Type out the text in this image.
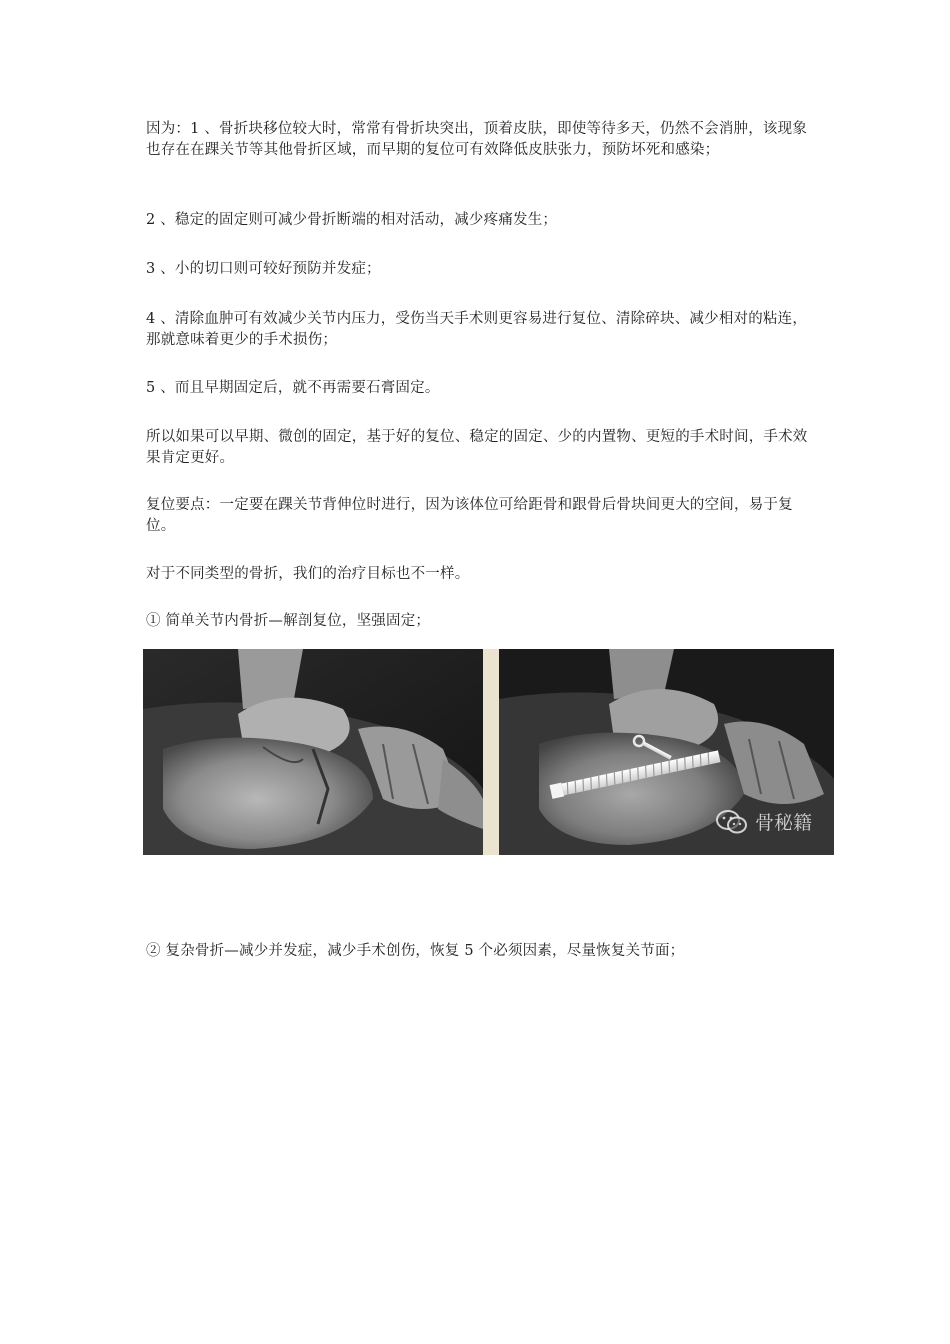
因为：1 、骨折块移位较大时，常常有骨折块突出，顶着皮肤，即使等待多天，仍然不会消肿，该现象也存在在踝关节等其他骨折区域，而早期的复位可有效降低皮肤张力，预防坏死和感染；

2 、稳定的固定则可减少骨折断端的相对活动，减少疼痛发生；

3 、小的切口则可较好预防并发症；

4 、清除血肿可有效减少关节内压力，受伤当天手术则更容易进行复位、清除碎块、减少相对的粘连，那就意味着更少的手术损伤；

5 、而且早期固定后，就不再需要石膏固定。

所以如果可以早期、微创的固定，基于好的复位、稳定的固定、少的内置物、更短的手术时间，手术效果肯定更好。

复位要点：一定要在踝关节背伸位时进行，因为该体位可给距骨和跟骨后骨块间更大的空间，易于复位。

对于不同类型的骨折，我们的治疗目标也不一样。

① 简单关节内骨折—解剖复位，坚强固定；

骨秘籍

② 复杂骨折—减少并发症，减少手术创伤，恢复 5 个必须因素，尽量恢复关节面；
